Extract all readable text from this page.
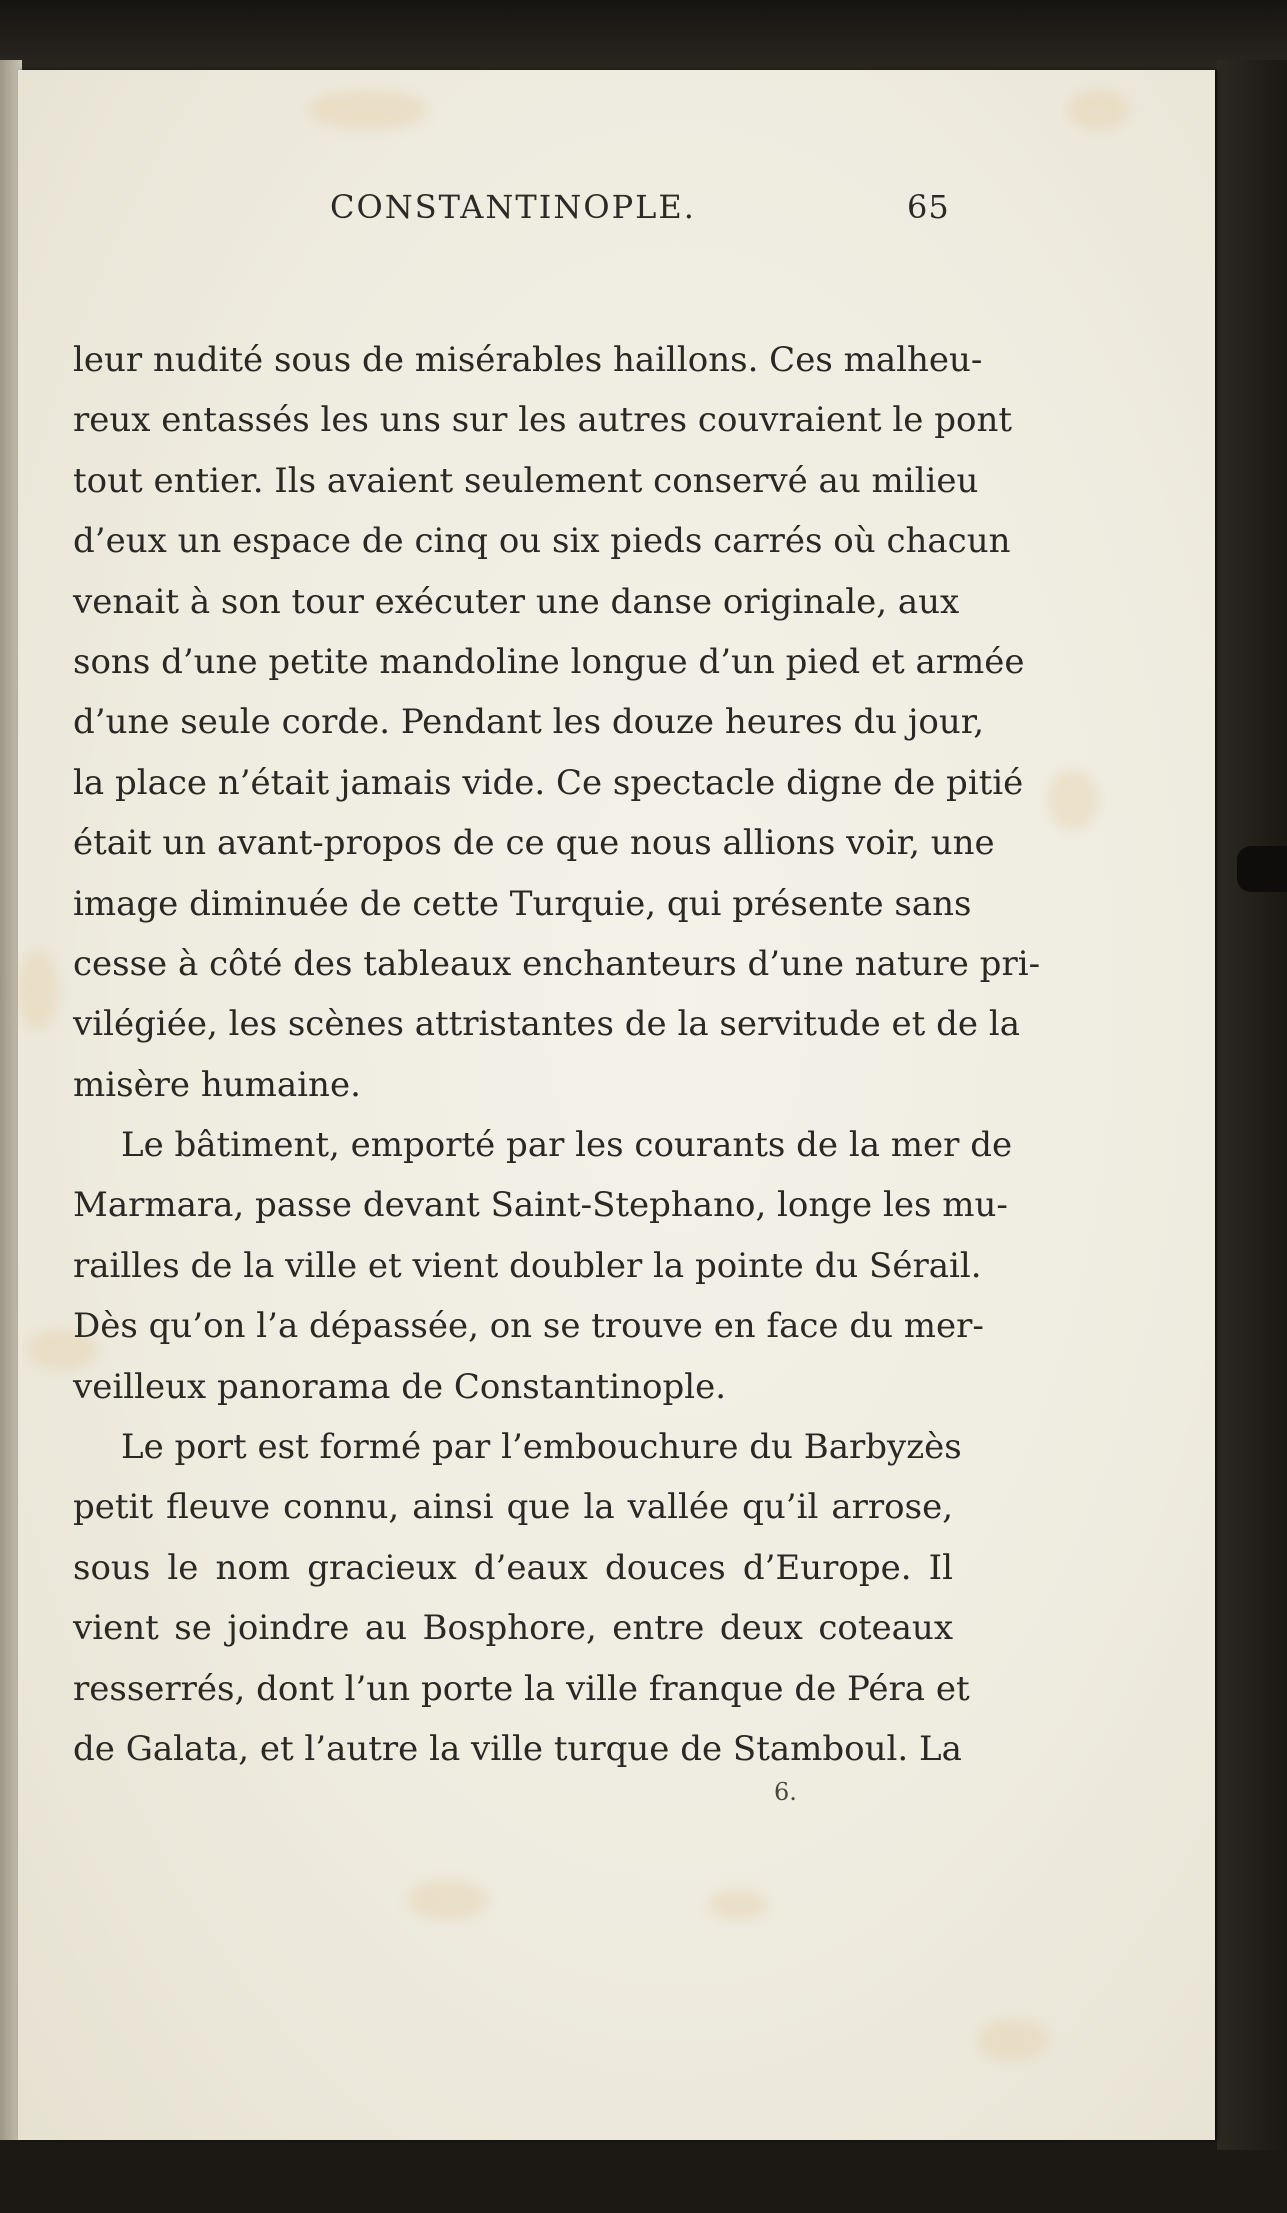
CONSTANTINOPLE.	65
leur nudité sous de misérables haillons. Ces malheu-
reux entassés les uns sur les autres couvraient le pont
tout entier. Ils avaient seulement conservé au milieu
d’eux un espace de cinq ou six pieds carrés où chacun
venait à son tour exécuter une danse originale, aux
sons d’une petite mandoline longue d’un pied et armée
d’une seule corde. Pendant les douze heures du jour,
la place n’était jamais vide. Ce spectacle digne de pitié
était un avant-propos de ce que nous allions voir, une
image diminuée de cette Turquie, qui présente sans
cesse à côté des tableaux enchanteurs d’une nature pri-
vilégiée, les scènes attristantes de la servitude et de la
misère humaine.
Le bâtiment, emporté par les courants de la mer de
Marmara, passe devant Saint-Stephano, longe les mu-
railles de la ville et vient doubler la pointe du Sérail.
Dès qu’on l’a dépassée, on se trouve en face du mer-
veilleux panorama de Constantinople.
Le port est formé par l’embouchure du Barbyzès
petit fleuve connu, ainsi que la vallée qu’il arrose,
sous le nom gracieux d’eaux douces d’Europe. Il
vient se joindre au Bosphore, entre deux coteaux
resserrés, dont l’un porte la ville franque de Péra et
de Galata, et l’autre la ville turque de Stamboul. La
6.
